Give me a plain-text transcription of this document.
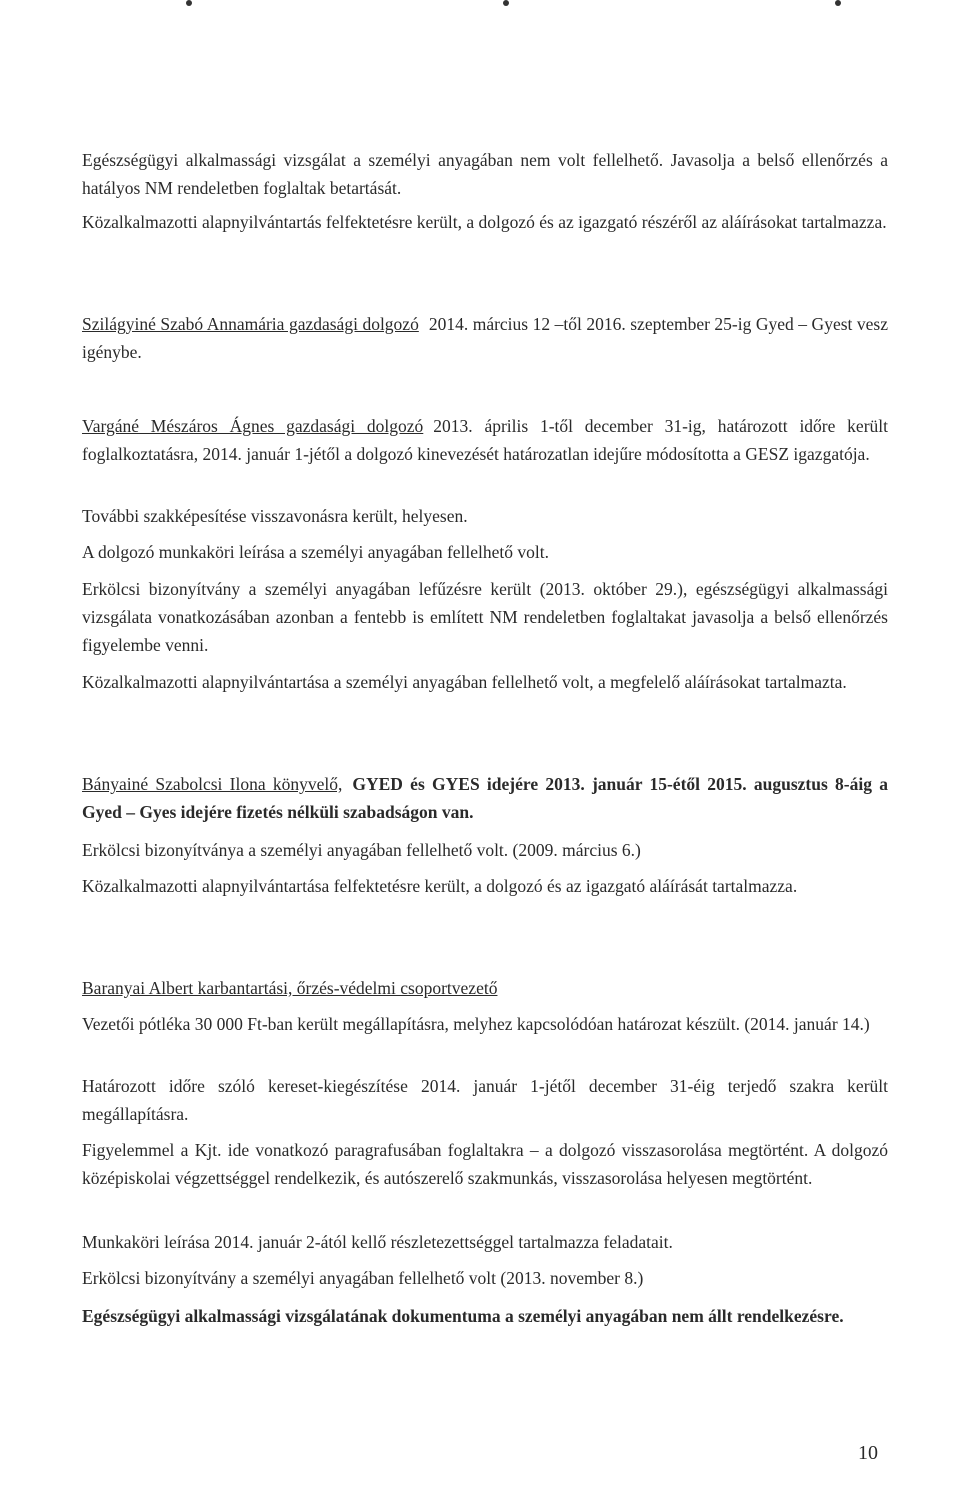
Egészségügyi alkalmassági vizsgálat a személyi anyagában nem volt fellelhető. Javasolja a belső ellenőrzés a hatályos NM rendeletben foglaltak betartását.

Közalkalmazotti alapnyilvántartás felfektetésre került, a dolgozó és az igazgató részéről az aláírásokat tartalmazza.

Szilágyiné Szabó Annamária gazdasági dolgozó 2014. március 12 –től 2016. szeptember 25-ig Gyed – Gyest vesz igénybe.

Vargáné Mészáros Ágnes gazdasági dolgozó 2013. április 1-től december 31-ig, határozott időre került foglalkoztatásra, 2014. január 1-jétől a dolgozó kinevezését határozatlan idejűre módosította a GESZ igazgatója.

További szakképesítése visszavonásra került, helyesen.

A dolgozó munkaköri leírása a személyi anyagában fellelhető volt.

Erkölcsi bizonyítvány a személyi anyagában lefűzésre került (2013. október 29.), egészségügyi alkalmassági vizsgálata vonatkozásában azonban a fentebb is említett NM rendeletben foglaltakat javasolja a belső ellenőrzés figyelembe venni.

Közalkalmazotti alapnyilvántartása a személyi anyagában fellelhető volt, a megfelelő aláírásokat tartalmazta.

Bányainé Szabolcsi Ilona könyvelő, GYED és GYES idejére 2013. január 15-étől 2015. augusztus 8-áig a Gyed – Gyes idejére fizetés nélküli szabadságon van.

Erkölcsi bizonyítványa a személyi anyagában fellelhető volt. (2009. március 6.)

Közalkalmazotti alapnyilvántartása felfektetésre került, a dolgozó és az igazgató aláírását tartalmazza.

Baranyai Albert karbantartási, őrzés-védelmi csoportvezető

Vezetői pótléka 30 000 Ft-ban került megállapításra, melyhez kapcsolódóan határozat készült. (2014. január 14.)

Határozott időre szóló kereset-kiegészítése 2014. január 1-jétől december 31-éig terjedő szakra került megállapításra.

Figyelemmel a Kjt. ide vonatkozó paragrafusában foglaltakra – a dolgozó visszasorolása megtörtént. A dolgozó középiskolai végzettséggel rendelkezik, és autószerelő szakmunkás, visszasorolása helyesen megtörtént.

Munkaköri leírása 2014. január 2-ától kellő részletezettséggel tartalmazza feladatait.

Erkölcsi bizonyítvány a személyi anyagában fellelhető volt (2013. november 8.)

Egészségügyi alkalmassági vizsgálatának dokumentuma a személyi anyagában nem állt rendelkezésre.

10
